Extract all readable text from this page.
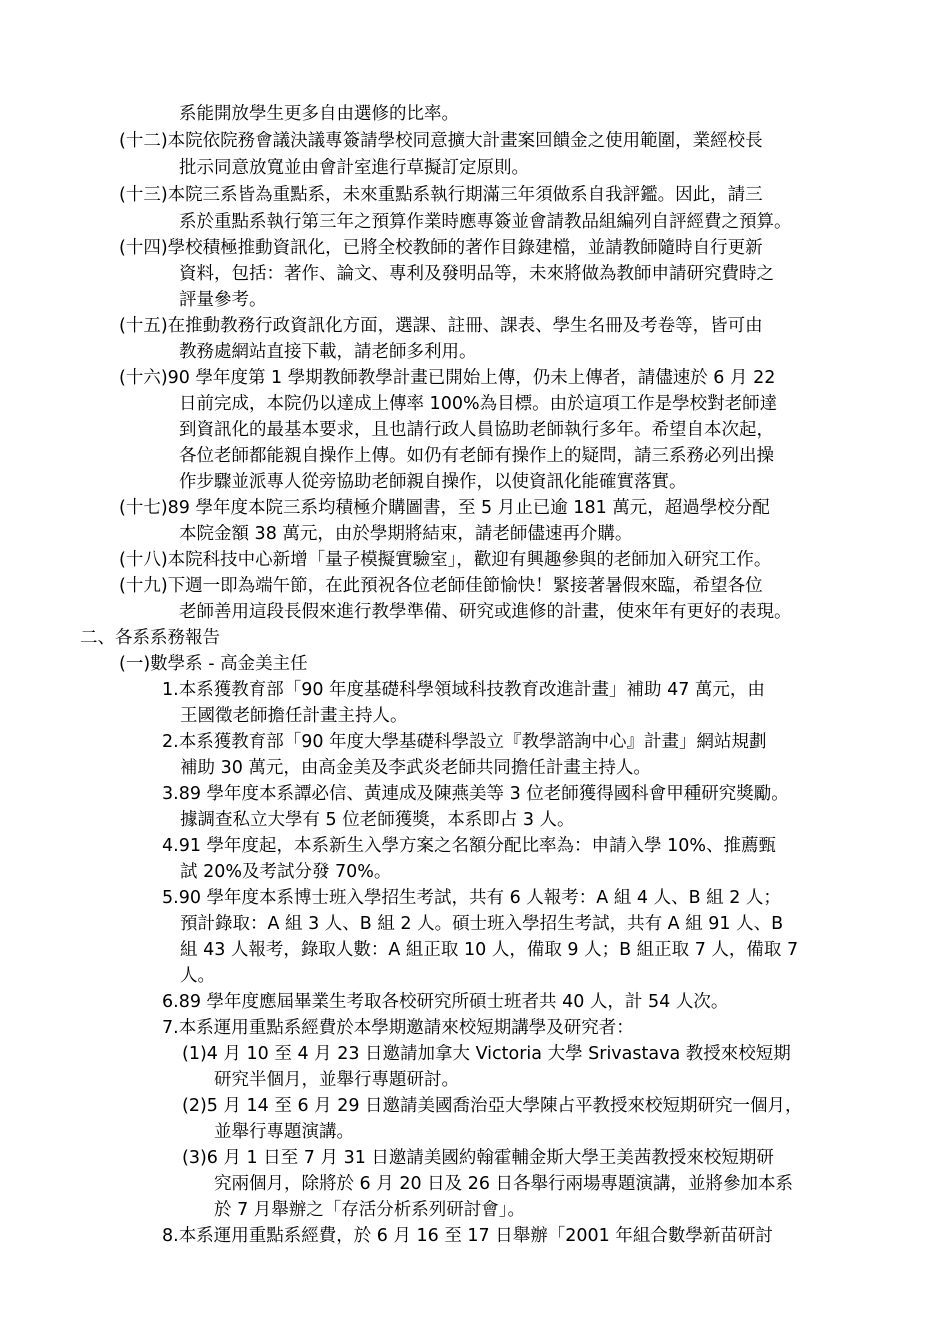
系能開放學生更多自由選修的比率。
(十二)本院依院務會議決議專簽請學校同意擴大計畫案回饋金之使用範圍，業經校長
批示同意放寬並由會計室進行草擬訂定原則。
(十三)本院三系皆為重點系，未來重點系執行期滿三年須做系自我評鑑。因此，請三
系於重點系執行第三年之預算作業時應專簽並會請教品組編列自評經費之預算。
(十四)學校積極推動資訊化，已將全校教師的著作目錄建檔，並請教師隨時自行更新
資料，包括：著作、論文、專利及發明品等，未來將做為教師申請研究費時之
評量參考。
(十五)在推動教務行政資訊化方面，選課、註冊、課表、學生名冊及考卷等，皆可由
教務處網站直接下載，請老師多利用。
(十六)90 學年度第 1 學期教師教學計畫已開始上傳，仍未上傳者，請儘速於 6 月 22
日前完成，本院仍以達成上傳率 100%為目標。由於這項工作是學校對老師達
到資訊化的最基本要求，且也請行政人員協助老師執行多年。希望自本次起，
各位老師都能親自操作上傳。如仍有老師有操作上的疑問，請三系務必列出操
作步驟並派專人從旁協助老師親自操作，以使資訊化能確實落實。
(十七)89 學年度本院三系均積極介購圖書，至 5 月止已逾 181 萬元，超過學校分配
本院金額 38 萬元，由於學期將結束，請老師儘速再介購。
(十八)本院科技中心新增「量子模擬實驗室」，歡迎有興趣參與的老師加入研究工作。
(十九)下週一即為端午節，在此預祝各位老師佳節愉快！緊接著暑假來臨，希望各位
老師善用這段長假來進行教學準備、研究或進修的計畫，使來年有更好的表現。
二、各系系務報告
(一)數學系 - 高金美主任
1.本系獲教育部「90 年度基礎科學領域科技教育改進計畫」補助 47 萬元，由
王國徵老師擔任計畫主持人。
2.本系獲教育部「90 年度大學基礎科學設立『教學諮詢中心』計畫」網站規劃
補助 30 萬元，由高金美及李武炎老師共同擔任計畫主持人。
3.89 學年度本系譚必信、黃連成及陳燕美等 3 位老師獲得國科會甲種研究獎勵。
據調查私立大學有 5 位老師獲獎，本系即占 3 人。
4.91 學年度起，本系新生入學方案之名額分配比率為：申請入學 10%、推薦甄
試 20%及考試分發 70%。
5.90 學年度本系博士班入學招生考試，共有 6 人報考：A 組 4 人、B 組 2 人；
預計錄取：A 組 3 人、B 組 2 人。碩士班入學招生考試，共有 A 組 91 人、B
組 43 人報考，錄取人數：A 組正取 10 人，備取 9 人；B 組正取 7 人，備取 7
人。
6.89 學年度應屆畢業生考取各校研究所碩士班者共 40 人，計 54 人次。
7.本系運用重點系經費於本學期邀請來校短期講學及研究者：
(1)4 月 10 至 4 月 23 日邀請加拿大 Victoria 大學 Srivastava 教授來校短期
研究半個月，並舉行專題研討。
(2)5 月 14 至 6 月 29 日邀請美國喬治亞大學陳占平教授來校短期研究一個月，
並舉行專題演講。
(3)6 月 1 日至 7 月 31 日邀請美國約翰霍輔金斯大學王美茜教授來校短期研
究兩個月，除將於 6 月 20 日及 26 日各舉行兩場專題演講，並將參加本系
於 7 月舉辦之「存活分析系列研討會」。
8.本系運用重點系經費，於 6 月 16 至 17 日舉辦「2001 年組合數學新苗研討
